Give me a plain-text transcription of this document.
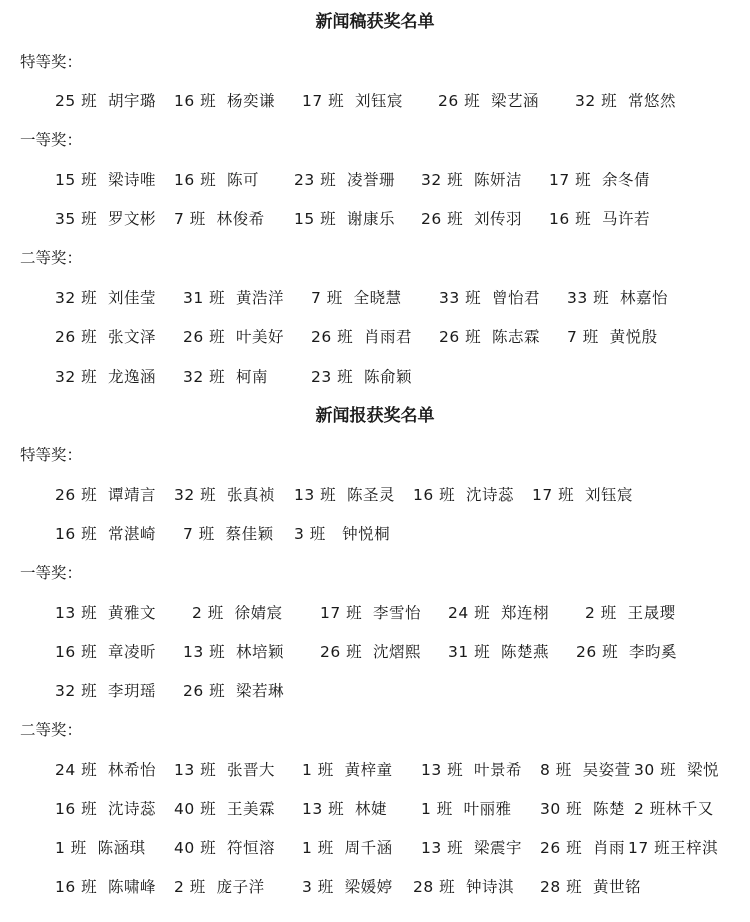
新闻稿获奖名单
特等奖：
25 班  胡宇璐 16 班  杨奕谦 17 班  刘钰宸 26 班  梁艺涵 32 班  常悠然
一等奖：
15 班  梁诗唯 16 班  陈可 23 班  凌誉珊 32 班  陈妍洁 17 班  余冬倩
35 班  罗文彬 7 班  林俊希 15 班  谢康乐 26 班  刘传羽 16 班  马许若
二等奖：
32 班  刘佳莹 31 班  黄浩洋 7 班  全晓慧 33 班  曾怡君 33 班  林嘉怡
26 班  张文泽 26 班  叶美好 26 班  肖雨君 26 班  陈志霖 7 班  黄悦殷
32 班  龙逸涵 32 班  柯南	23 班  陈俞颖
新闻报获奖名单
特等奖：
26 班  谭靖言 32 班  张真祯 13 班  陈圣灵 16 班  沈诗蕊 17 班  刘钰宸
16 班  常湛崎 7 班  蔡佳颖 3 班   钟悦桐
一等奖：
13 班  黄雅文 2 班  徐婧宸 17 班  李雪怡 24 班  郑连栩 2 班  王晟璎
16 班  章凌昕 13 班  林培颖 26 班  沈熠熙 31 班  陈楚燕 26 班  李昀奚
32 班  李玥瑶 26 班  梁若琳
二等奖：
24 班  林希怡 13 班  张晋大 1 班  黄梓童 13 班  叶景希 8 班  吴姿萱 30 班  梁悦
16 班  沈诗蕊 40 班  王美霖 13 班  林婕 1 班  叶丽雅 30 班  陈楚 2 班林千又
1 班  陈涵琪 40 班  符恒溶 1 班  周千涵 13 班  梁震宇 26 班  肖雨 17 班王梓淇
16 班  陈啸峰 2 班  庞子洋 3 班  梁媛婷 28 班  钟诗淇 28 班  黄世铭
